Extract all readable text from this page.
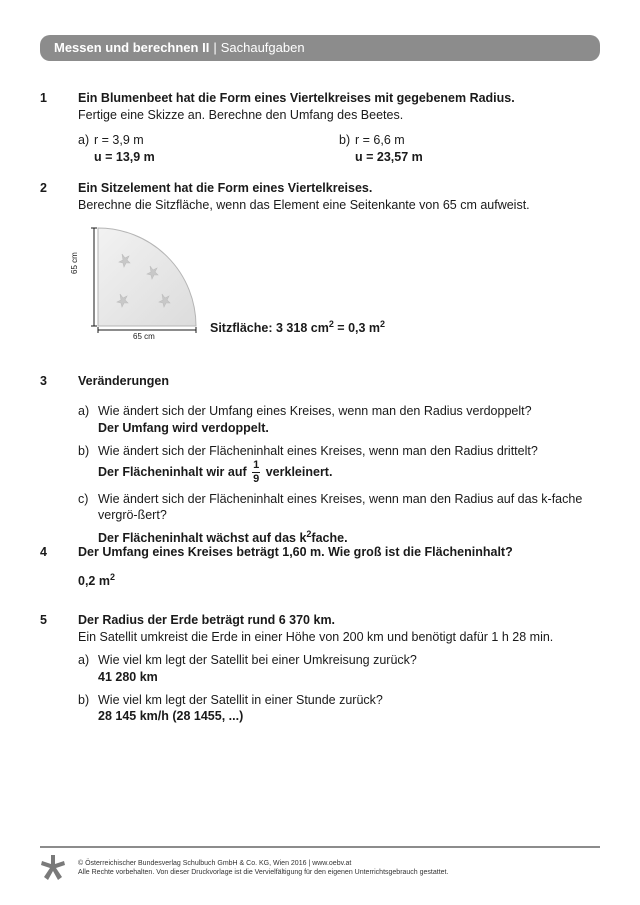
Messen und berechnen II | Sachaufgaben
1 Ein Blumenbeet hat die Form eines Viertelkreises mit gegebenem Radius.
Fertige eine Skizze an. Berechne den Umfang des Beetes.
a) r = 3,9 m
u = 13,9 m
b) r = 6,6 m
u = 23,57 m
2 Ein Sitzelement hat die Form eines Viertelkreises.
Berechne die Sitzfläche, wenn das Element eine Seitenkante von 65 cm aufweist.
65 cm
65 cm
Sitzfläche: 3 318 $cm^2 = 0,3$ $m^2$
3 Veränderungen
a) Wie ändert sich der Umfang eines Kreises, wenn man den Radius verdoppelt?
Der Umfang wird verdoppelt.
b) Wie ändert sich der Flächeninhalt eines Kreises, wenn man den Radius drittelt?
Der Flächeninhalt wir auf $\frac{1}{9}$ verkleinert.
c) Wie ändert sich der Flächeninhalt eines Kreises, wenn man den Radius auf das k-fache vergrö-ßert?
Der Flächeninhalt wächst auf das $k^2fache$.
4 Der Umfang eines Kreises beträgt 1,60 m. Wie groß ist die Flächeninhalt?
0,2 $m^2$
5 Der Radius der Erde beträgt rund 6 370 km.
Ein Satellit umkreist die Erde in einer Höhe von 200 km und benötigt dafür 1 h 28 min.
a) Wie viel km legt der Satellit bei einer Umkreisung zurück?
41 280 km
b) Wie viel km legt der Satellit in einer Stunde zurück?
28 145 km/h (28 1455, ...)
© Österreichischer Bundesverlag Schulbuch GmbH & Co. KG, Wien 2016 | www.oebv.at
Alle Rechte vorbehalten. Von dieser Druckvorlage ist die Vervielfältigung für den eigenen Unterrichtsgebrauch gestattet.
